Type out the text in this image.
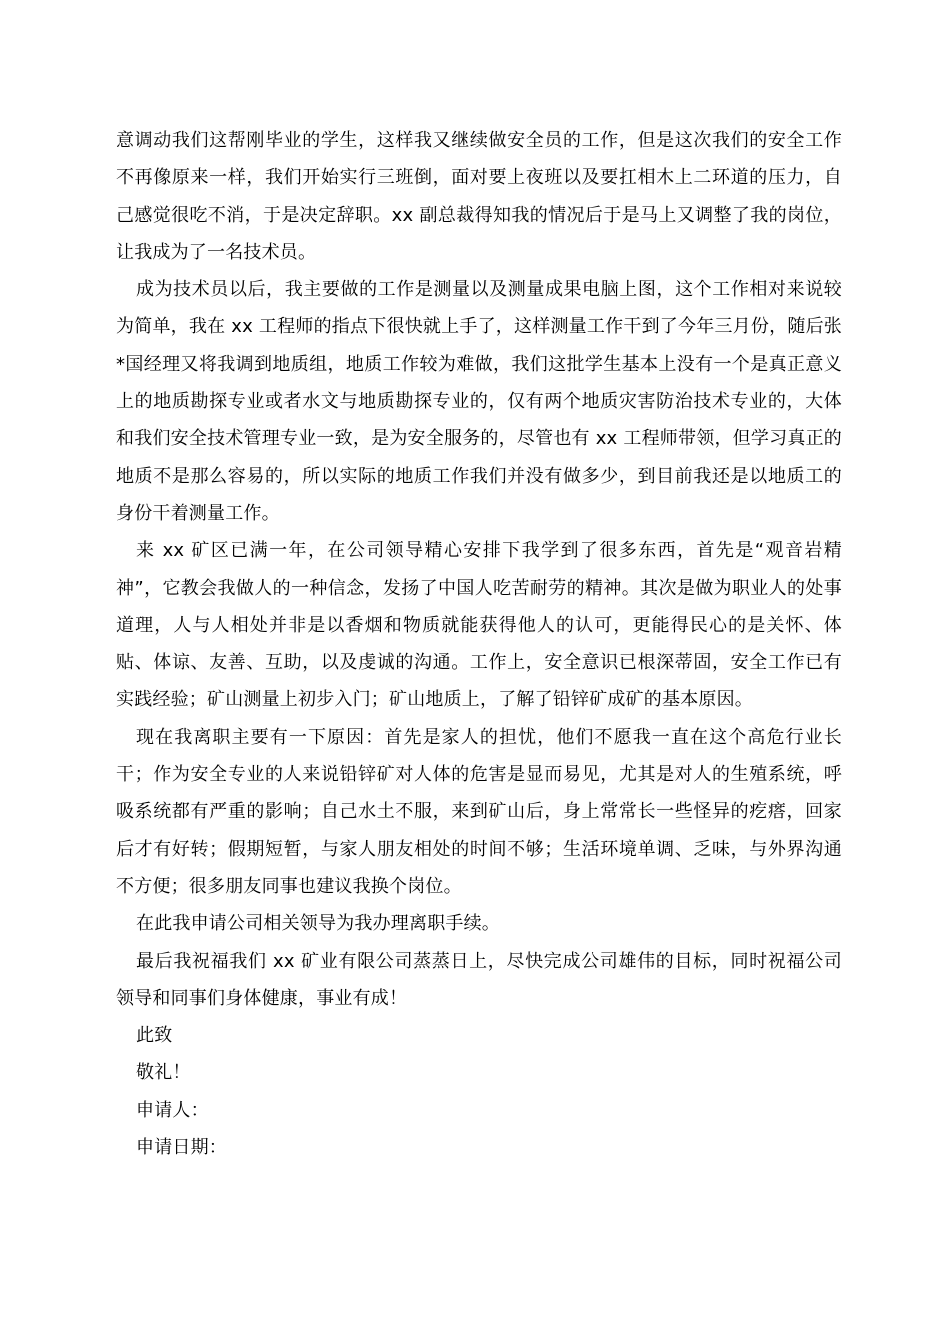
意调动我们这帮刚毕业的学生，这样我又继续做安全员的工作，但是这次我们的安全工作不再像原来一样，我们开始实行三班倒，面对要上夜班以及要扛相木上二环道的压力，自己感觉很吃不消，于是决定辞职。xx 副总裁得知我的情况后于是马上又调整了我的岗位，让我成为了一名技术员。

成为技术员以后，我主要做的工作是测量以及测量成果电脑上图，这个工作相对来说较为简单，我在 xx 工程师的指点下很快就上手了，这样测量工作干到了今年三月份，随后张*国经理又将我调到地质组，地质工作较为难做，我们这批学生基本上没有一个是真正意义上的地质勘探专业或者水文与地质勘探专业的，仅有两个地质灾害防治技术专业的，大体和我们安全技术管理专业一致，是为安全服务的，尽管也有 xx 工程师带领，但学习真正的地质不是那么容易的，所以实际的地质工作我们并没有做多少，到目前我还是以地质工的身份干着测量工作。

来 xx 矿区已满一年，在公司领导精心安排下我学到了很多东西，首先是“观音岩精神”，它教会我做人的一种信念，发扬了中国人吃苦耐劳的精神。其次是做为职业人的处事道理，人与人相处并非是以香烟和物质就能获得他人的认可，更能得民心的是关怀、体贴、体谅、友善、互助，以及虔诚的沟通。工作上，安全意识已根深蒂固，安全工作已有实践经验；矿山测量上初步入门；矿山地质上，了解了铅锌矿成矿的基本原因。

现在我离职主要有一下原因：首先是家人的担忧，他们不愿我一直在这个高危行业长干；作为安全专业的人来说铅锌矿对人体的危害是显而易见，尤其是对人的生殖系统，呼吸系统都有严重的影响；自己水土不服，来到矿山后，身上常常长一些怪异的疙瘩，回家后才有好转；假期短暂，与家人朋友相处的时间不够；生活环境单调、乏味，与外界沟通不方便；很多朋友同事也建议我换个岗位。

在此我申请公司相关领导为我办理离职手续。

最后我祝福我们 xx 矿业有限公司蒸蒸日上，尽快完成公司雄伟的目标，同时祝福公司领导和同事们身体健康，事业有成！

此致

敬礼！

申请人：

申请日期：
